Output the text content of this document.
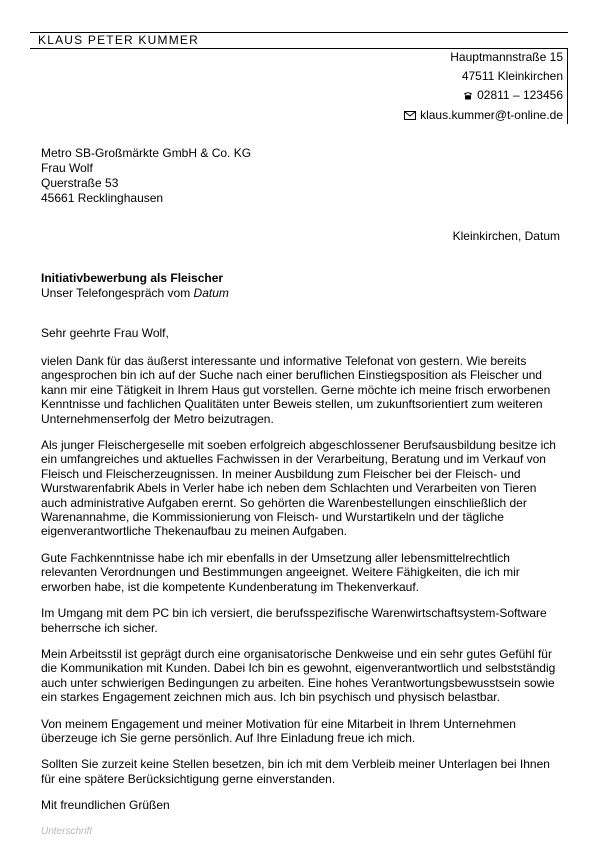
KLAUS PETER KUMMER
Hauptmannstraße 15
47511 Kleinkirchen
02811 – 123456
klaus.kummer@t-online.de
Metro SB-Großmärkte GmbH & Co. KG
Frau Wolf
Querstraße 53
45661 Recklinghausen
Kleinkirchen, Datum
Initiativbewerbung als Fleischer
Unser Telefongespräch vom Datum
Sehr geehrte Frau Wolf,

vielen Dank für das äußerst interessante und informative Telefonat von gestern. Wie bereits angesprochen bin ich auf der Suche nach einer beruflichen Einstiegsposition als Fleischer und kann mir eine Tätigkeit in Ihrem Haus gut vorstellen. Gerne möchte ich meine frisch erworbenen Kenntnisse und fachlichen Qualitäten unter Beweis stellen, um zukunftsorientiert zum weiteren Unternehmenserfolg der Metro beizutragen.

Als junger Fleischergeselle mit soeben erfolgreich abgeschlossener Berufsausbildung besitze ich ein umfangreiches und aktuelles Fachwissen in der Verarbeitung, Beratung und im Verkauf von Fleisch und Fleischerzeugnissen. In meiner Ausbildung zum Fleischer bei der Fleisch- und Wurstwarenfabrik Abels in Verler habe ich neben dem Schlachten und Verarbeiten von Tieren auch administrative Aufgaben erernt. So gehörten die Warenbestellungen einschließlich der Warenannahme, die Kommissionierung von Fleisch- und Wurstartikeln und der tägliche eigenverantwortliche Thekenaufbau zu meinen Aufgaben.

Gute Fachkenntnisse habe ich mir ebenfalls in der Umsetzung aller lebensmittelrechtlich relevanten Verordnungen und Bestimmungen angeeignet. Weitere Fähigkeiten, die ich mir erworben habe, ist die kompetente Kundenberatung im Thekenverkauf.

Im Umgang mit dem PC bin ich versiert, die berufsspezifische Warenwirtschaftsystem-Software beherrsche ich sicher.

Mein Arbeitsstil ist geprägt durch eine organisatorische Denkweise und ein sehr gutes Gefühl für die Kommunikation mit Kunden. Dabei Ich bin es gewohnt, eigenverantwortlich und selbstständig auch unter schwierigen Bedingungen zu arbeiten. Eine hohes Verantwortungsbewusstsein sowie ein starkes Engagement zeichnen mich aus. Ich bin psychisch und physisch belastbar.

Von meinem Engagement und meiner Motivation für eine Mitarbeit in Ihrem Unternehmen überzeuge ich Sie gerne persönlich. Auf Ihre Einladung freue ich mich.

Sollten Sie zurzeit keine Stellen besetzen, bin ich mit dem Verbleib meiner Unterlagen bei Ihnen für eine spätere Berücksichtigung gerne einverstanden.

Mit freundlichen Grüßen
Unterschrift
